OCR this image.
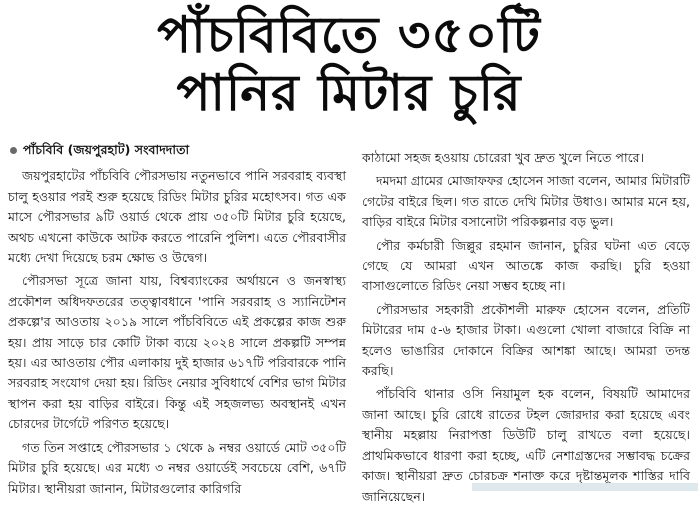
পাঁচবিবিতে ৩৫০টি
পানির মিটার চুরি
পাঁচবিবি (জয়পুরহাট) সংবাদদাতা

জয়পুরহাটের পাঁচবিবি পৌরসভায় নতুনভাবে পানি সরবরাহ ব্যবস্থা চালু হওয়ার পরই শুরু হয়েছে রিডিং মিটার চুরির মহোৎসব। গত এক মাসে পৌরসভার ৯টি ওয়ার্ড থেকে প্রায় ৩৫০টি মিটার চুরি হয়েছে, অথচ এখনো কাউকে আটক করতে পারেনি পুলিশ। এতে পৌরবাসীর মধ্যে দেখা দিয়েছে চরম ক্ষোভ ও উদ্বেগ।

পৌরসভা সূত্রে জানা যায়, বিশ্বব্যাংকের অর্থায়নে ও জনস্বাস্থ্য প্রকৌশল অধিদফতরের তত্ত্বাবধানে 'পানি সরবরাহ ও স্যানিটেশন প্রকল্পে'র আওতায় ২০১৯ সালে পাঁচবিবিতে এই প্রকল্পের কাজ শুরু হয়। প্রায় সাড়ে চার কোটি টাকা ব্যয়ে ২০২৪ সালে প্রকল্পটি সম্পন্ন হয়। এর আওতায় পৌর এলাকায় দুই হাজার ৬১৭টি পরিবারকে পানি সরবরাহ সংযোগ দেয়া হয়। রিডিং নেয়ার সুবিধার্থে বেশির ভাগ মিটার স্থাপন করা হয় বাড়ির বাইরে। কিন্তু এই সহজলভ্য অবস্থানই এখন চোরদের টার্গেটে পরিণত হয়েছে।

গত তিন সপ্তাহে পৌরসভার ১ থেকে ৯ নম্বর ওয়ার্ডে মোট ৩৫০টি মিটার চুরি হয়েছে। এর মধ্যে ৩ নম্বর ওয়ার্ডেই সবচেয়ে বেশি, ৬৭টি মিটার। স্থানীয়রা জানান, মিটারগুলোর কারিগরি

কাঠামো সহজ হওয়ায় চোরেরা খুব দ্রুত খুলে নিতে পারে।

দমদমা গ্রামের মোজাফফর হোসেন সাজা বলেন, আমার মিটারটি গেটের বাইরে ছিল। গত রাতে দেখি মিটার উধাও। আমার মনে হয়, বাড়ির বাইরে মিটার বসানোটা পরিকল্পনার বড় ভুল।

পৌর কর্মচারী জিল্লুর রহমান জানান, চুরির ঘটনা এত বেড়ে গেছে যে আমরা এখন আতঙ্কে কাজ করছি। চুরি হওয়া বাসাগুলোতে রিডিং নেয়া সম্ভব হচ্ছে না।

পৌরসভার সহকারী প্রকৌশলী মারুফ হোসেন বলেন, প্রতিটি মিটারের দাম ৫-৬ হাজার টাকা। এগুলো খোলা বাজারে বিক্রি না হলেও ভাঙারির দোকানে বিক্রির আশঙ্কা আছে। আমরা তদন্ত করছি।

পাঁচবিবি থানার ওসি নিয়ামুল হক বলেন, বিষয়টি আমাদের জানা আছে। চুরি রোধে রাতের টহল জোরদার করা হয়েছে এবং স্থানীয় মহল্লায় নিরাপত্তা ডিউটি চালু রাখতে বলা হয়েছে। প্রাথমিকভাবে ধারণা করা হচ্ছে, এটি নেশাগ্রস্তদের সম্ভাবদ্ধ চক্রের কাজ। স্থানীয়রা দ্রুত চোরচক্র শনাক্ত করে দৃষ্টান্তমূলক শাস্তির দাবি জানিয়েছেন।
